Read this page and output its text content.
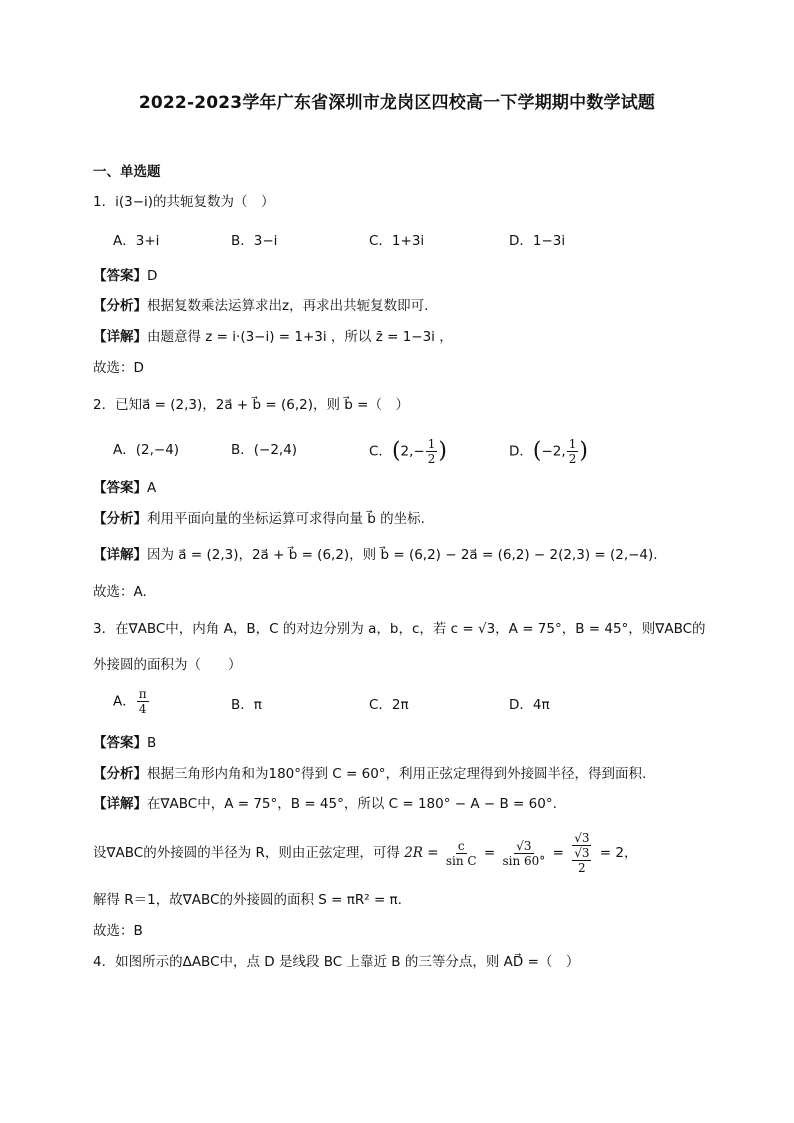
2022-2023学年广东省深圳市龙岗区四校高一下学期期中数学试题
一、单选题
1．i(3−i)的共轭复数为（　）
A．3+i	B．3−i	C．1+3i	D．1−3i
【答案】D
【分析】根据复数乘法运算求出z，再求出共轭复数即可.
【详解】由题意得 z = i·(3−i) = 1+3i ，所以 z̄ = 1−3i ，
故选：D
2．已知a⃗ = (2,3)，2a⃗ + b⃗ = (6,2)，则 b⃗ =（　）
A．(2,−4)	B．(−2,4)	C．($2,- \frac{1}{2}$ )	D．(−2, $\frac{1}{2}$ )
【答案】A
【分析】利用平面向量的坐标运算可求得向量 b⃗ 的坐标.
【详解】因为 a⃗ = (2,3)，2a⃗ + b⃗ = (6,2)，则 b⃗ = (6,2) − 2a⃗ = (6,2) − 2(2,3) = (2,−4).
故选：A.
3．在∇ABC中，内角 A，B，C 的对边分别为 a，b，c，若 c = √3，A = 75°，B = 45°，则∇ABC的
外接圆的面积为（　　）
A． $\frac{\pi}{4}$	B．π	C．2π	D．4π
【答案】B
【分析】根据三角形内角和为180°得到 C = 60°，利用正弦定理得到外接圆半径，得到面积.
【详解】在∇ABC中，A = 75°，B = 45°，所以 C = 180° − A − B = 60°.
设∇ABC的外接圆的半径为 R，则由正弦定理，可得 $2R = \frac{c}{\text{sin C}} = \frac{√3}{\sin 60^\circ} = \frac{√3}{\frac{√3}{2}} = 2$，
解得 R＝1，故∇ABC的外接圆的面积 S = πR² = π.
故选：B
4．如图所示的ΔABC中，点 D 是线段 BC 上靠近 B 的三等分点，则 AD⃗ =（　）
